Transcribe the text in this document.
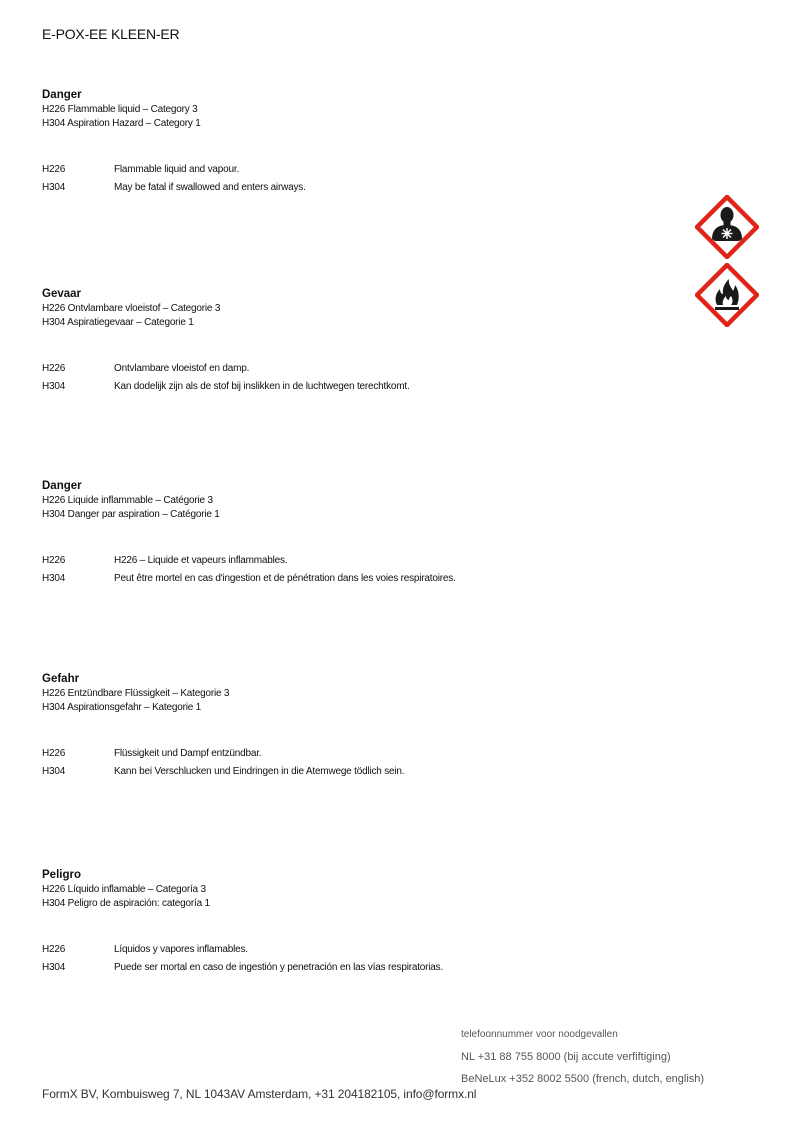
E-POX-EE KLEEN-ER
Danger
H226 Flammable liquid – Category 3
H304 Aspiration Hazard – Category 1
H226	Flammable liquid and vapour.
H304	May be fatal if swallowed and enters airways.
Gevaar
H226 Ontvlambare vloeistof – Categorie 3
H304 Aspiratiegevaar – Categorie 1
H226	Ontvlambare vloeistof en damp.
H304	Kan dodelijk zijn als de stof bij inslikken in de luchtwegen terechtkomt.
Danger
H226 Liquide inflammable – Catégorie 3
H304 Danger par aspiration – Catégorie 1
H226	H226 – Liquide et vapeurs inflammables.
H304	Peut être mortel en cas d'ingestion et de pénétration dans les voies respiratoires.
Gefahr
H226 Entzündbare Flüssigkeit – Kategorie 3
H304 Aspirationsgefahr – Kategorie 1
H226	Flüssigkeit und Dampf entzündbar.
H304	Kann bei Verschlucken und Eindringen in die Atemwege tödlich sein.
Peligro
H226 Líquido inflamable – Categoría 3
H304 Peligro de aspiración: categoría 1
H226	Líquidos y vapores inflamables.
H304	Puede ser mortal en caso de ingestión y penetración en las vías respiratorias.
telefoonnummer voor noodgevallen
NL +31 88 755 8000 (bij accute verfiftiging)
BeNeLux +352 8002 5500 (french, dutch, english)
FormX BV, Kombuisweg 7, NL 1043AV Amsterdam, +31 204182105, info@formx.nl
